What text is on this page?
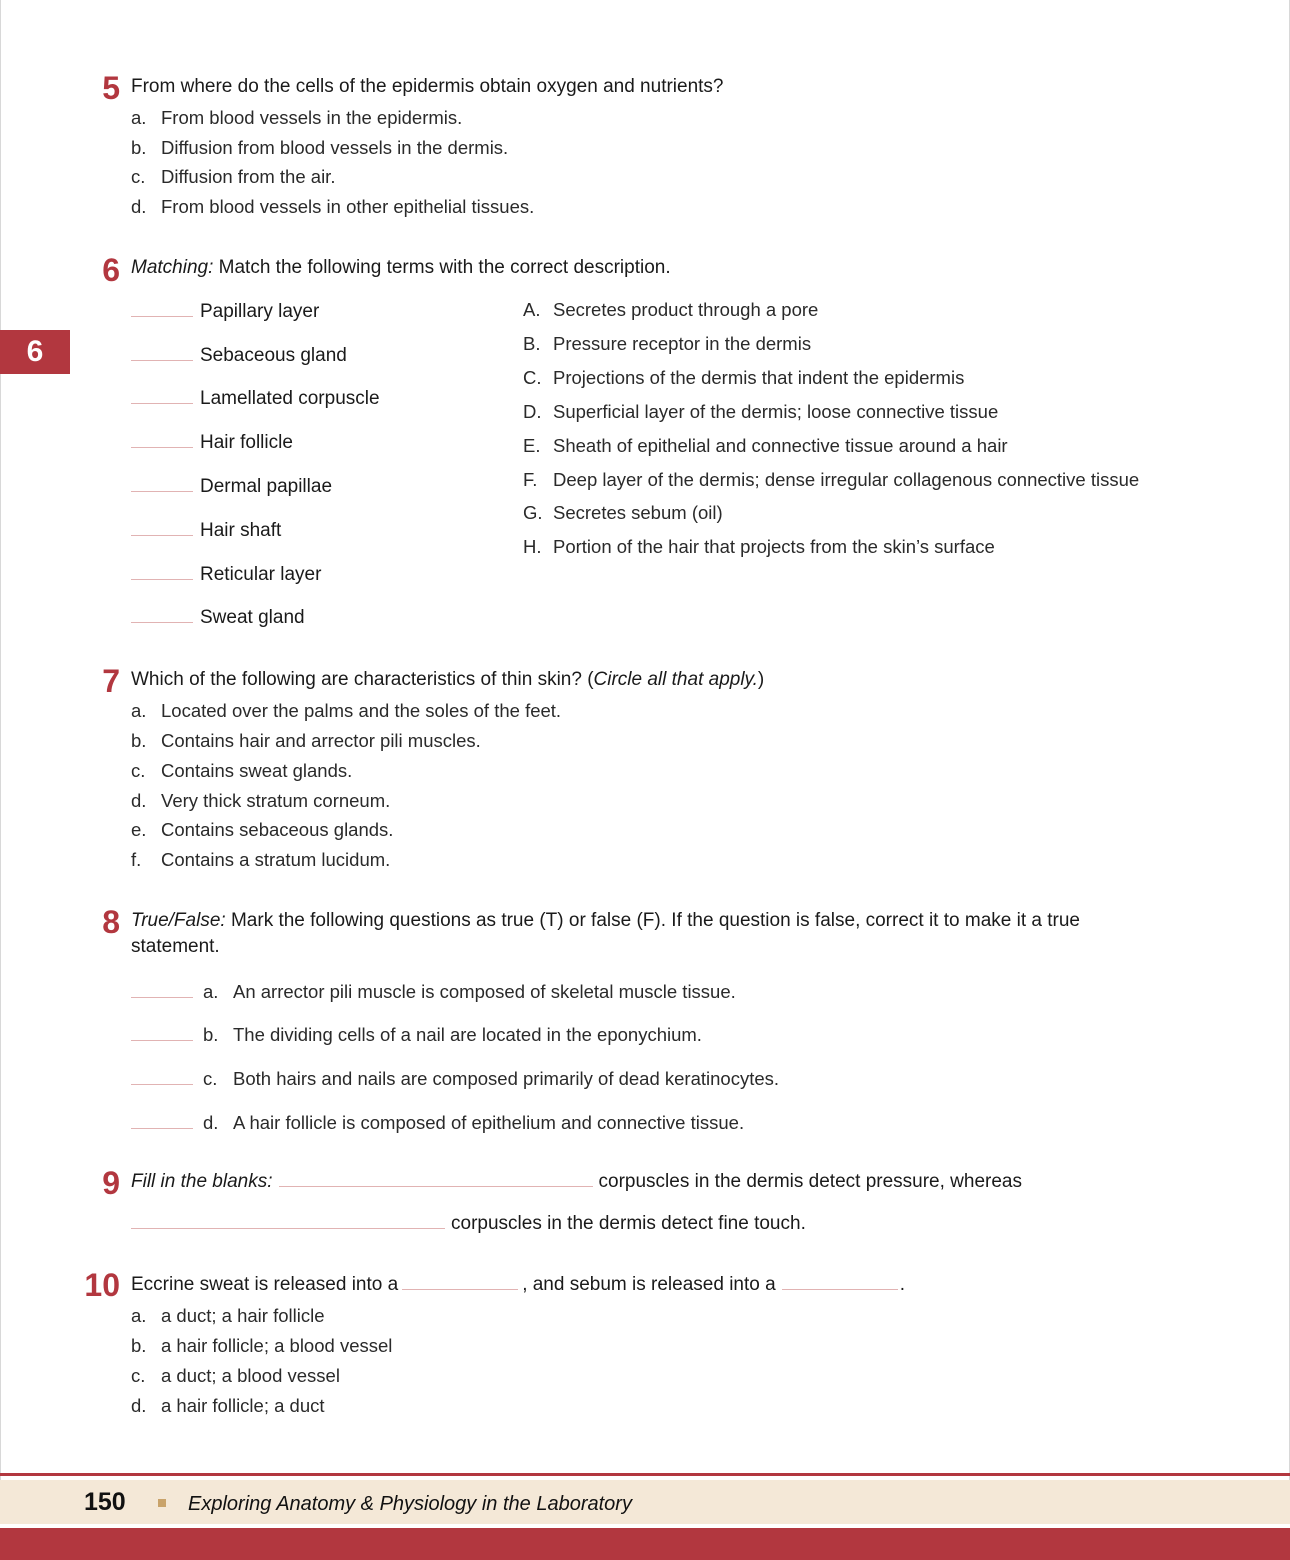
6
5 From where do the cells of the epidermis obtain oxygen and nutrients?
a. From blood vessels in the epidermis.
b. Diffusion from blood vessels in the dermis.
c. Diffusion from the air.
d. From blood vessels in other epithelial tissues.
6 Matching: Match the following terms with the correct description.
Papillary layer
Sebaceous gland
Lamellated corpuscle
Hair follicle
Dermal papillae
Hair shaft
Reticular layer
Sweat gland
A. Secretes product through a pore
B. Pressure receptor in the dermis
C. Projections of the dermis that indent the epidermis
D. Superficial layer of the dermis; loose connective tissue
E. Sheath of epithelial and connective tissue around a hair
F. Deep layer of the dermis; dense irregular collagenous connective tissue
G. Secretes sebum (oil)
H. Portion of the hair that projects from the skin’s surface
7 Which of the following are characteristics of thin skin? (Circle all that apply.)
a. Located over the palms and the soles of the feet.
b. Contains hair and arrector pili muscles.
c. Contains sweat glands.
d. Very thick stratum corneum.
e. Contains sebaceous glands.
f. Contains a stratum lucidum.
8 True/False: Mark the following questions as true (T) or false (F). If the question is false, correct it to make it a true
statement.
a. An arrector pili muscle is composed of skeletal muscle tissue.
b. The dividing cells of a nail are located in the eponychium.
c. Both hairs and nails are composed primarily of dead keratinocytes.
d. A hair follicle is composed of epithelium and connective tissue.
9 Fill in the blanks:	corpuscles in the dermis detect pressure, whereas
corpuscles in the dermis detect fine touch.
10 Eccrine sweat is released into a	, and sebum is released into a	.
a. a duct; a hair follicle
b. a hair follicle; a blood vessel
c. a duct; a blood vessel
d. a hair follicle; a duct
150	Exploring Anatomy & Physiology in the Laboratory
